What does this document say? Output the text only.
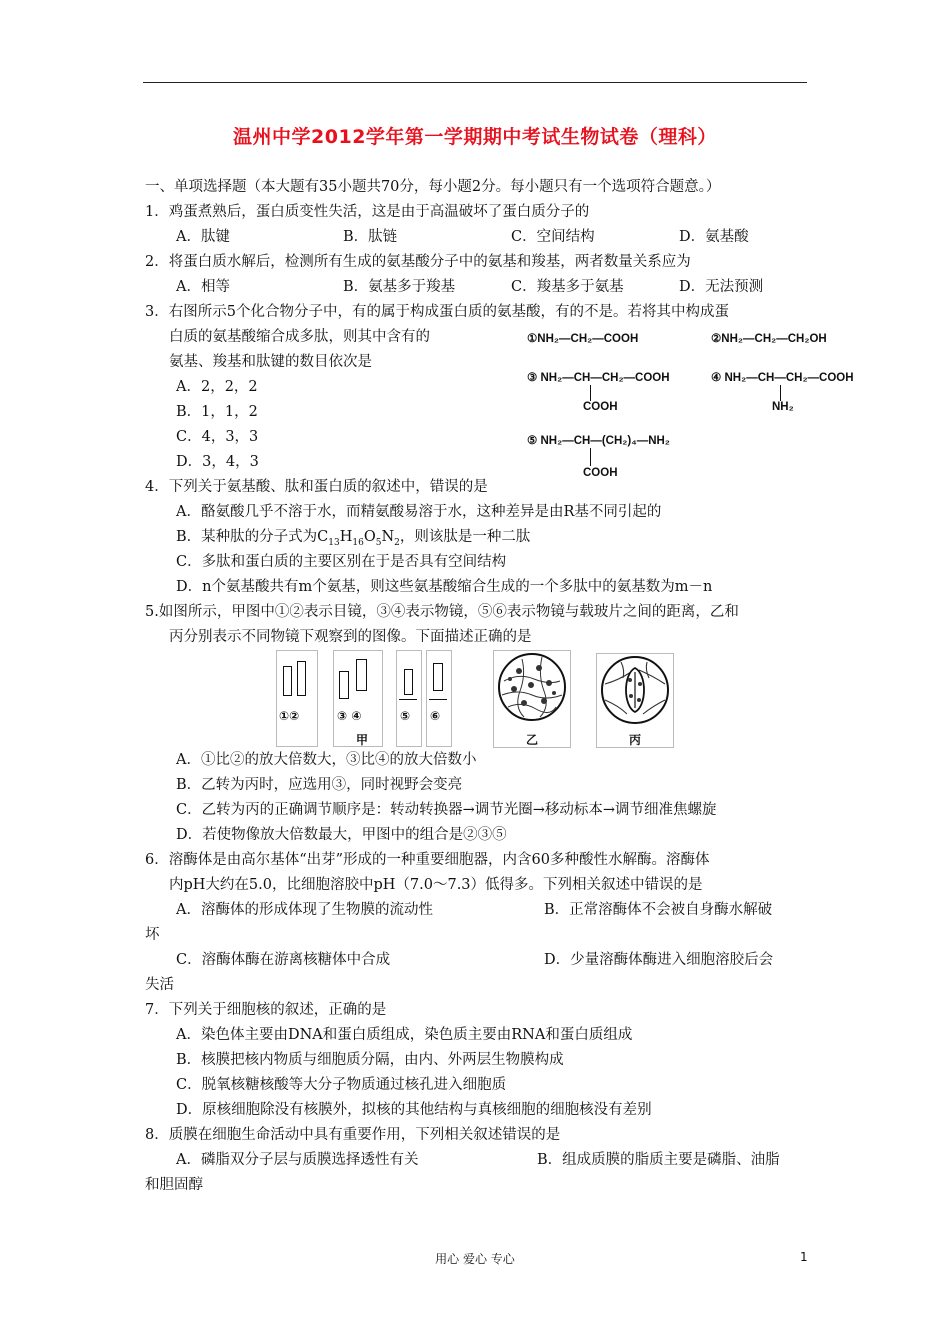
温州中学2012学年第一学期期中考试生物试卷（理科）
一、单项选择题（本大题有35小题共70分，每小题2分。每小题只有一个选项符合题意。）
1．鸡蛋煮熟后，蛋白质变性失活，这是由于高温破坏了蛋白质分子的
A．肽键	B．肽链	C．空间结构	D．氨基酸
2．将蛋白质水解后，检测所有生成的氨基酸分子中的氨基和羧基，两者数量关系应为
A．相等	B．氨基多于羧基	C．羧基多于氨基	D．无法预测
3．右图所示5个化合物分子中，有的属于构成蛋白质的氨基酸，有的不是。若将其中构成蛋
白质的氨基酸缩合成多肽，则其中含有的
氨基、羧基和肽键的数目依次是
A．2，2，2
B．1，1，2
C．4，3，3
D．3，4，3
①NH₂—CH₂—COOH	②NH₂—CH₂—CH₂OH
③ NH₂—CH—CH₂—COOH
COOH
④ NH₂—CH—CH₂—COOH
NH₂
⑤ NH₂—CH—(CH₂)₄—NH₂
COOH
4．下列关于氨基酸、肽和蛋白质的叙述中，错误的是
A．酪氨酸几乎不溶于水，而精氨酸易溶于水，这种差异是由R基不同引起的
B．某种肽的分子式为$C_{13}H_{16}O_5N_2$，则该肽是一种二肽
C．多肽和蛋白质的主要区别在于是否具有空间结构
D．n个氨基酸共有m个氨基，则这些氨基酸缩合生成的一个多肽中的氨基数为m－n
5.如图所示，甲图中①②表示目镜，③④表示物镜，⑤⑥表示物镜与载玻片之间的距离，乙和
丙分别表示不同物镜下观察到的图像。下面描述正确的是
①②	③ ④	⑤ ⑥
甲	乙	丙
A．①比②的放大倍数大，③比④的放大倍数小
B．乙转为丙时，应选用③，同时视野会变亮
C．乙转为丙的正确调节顺序是：转动转换器→调节光圈→移动标本→调节细准焦螺旋
D．若使物像放大倍数最大，甲图中的组合是②③⑤
6．溶酶体是由高尔基体“出芽”形成的一种重要细胞器，内含60多种酸性水解酶。溶酶体
内pH大约在5.0，比细胞溶胶中pH（7.0～7.3）低得多。下列相关叙述中错误的是
A．溶酶体的形成体现了生物膜的流动性	B．正常溶酶体不会被自身酶水解破
坏
C．溶酶体酶在游离核糖体中合成	D．少量溶酶体酶进入细胞溶胶后会
失活
7．下列关于细胞核的叙述，正确的是
A．染色体主要由DNA和蛋白质组成，染色质主要由RNA和蛋白质组成
B．核膜把核内物质与细胞质分隔，由内、外两层生物膜构成
C．脱氧核糖核酸等大分子物质通过核孔进入细胞质
D．原核细胞除没有核膜外，拟核的其他结构与真核细胞的细胞核没有差别
8．质膜在细胞生命活动中具有重要作用，下列相关叙述错误的是
A．磷脂双分子层与质膜选择透性有关	B．组成质膜的脂质主要是磷脂、油脂
和胆固醇
用心 爱心 专心	1
